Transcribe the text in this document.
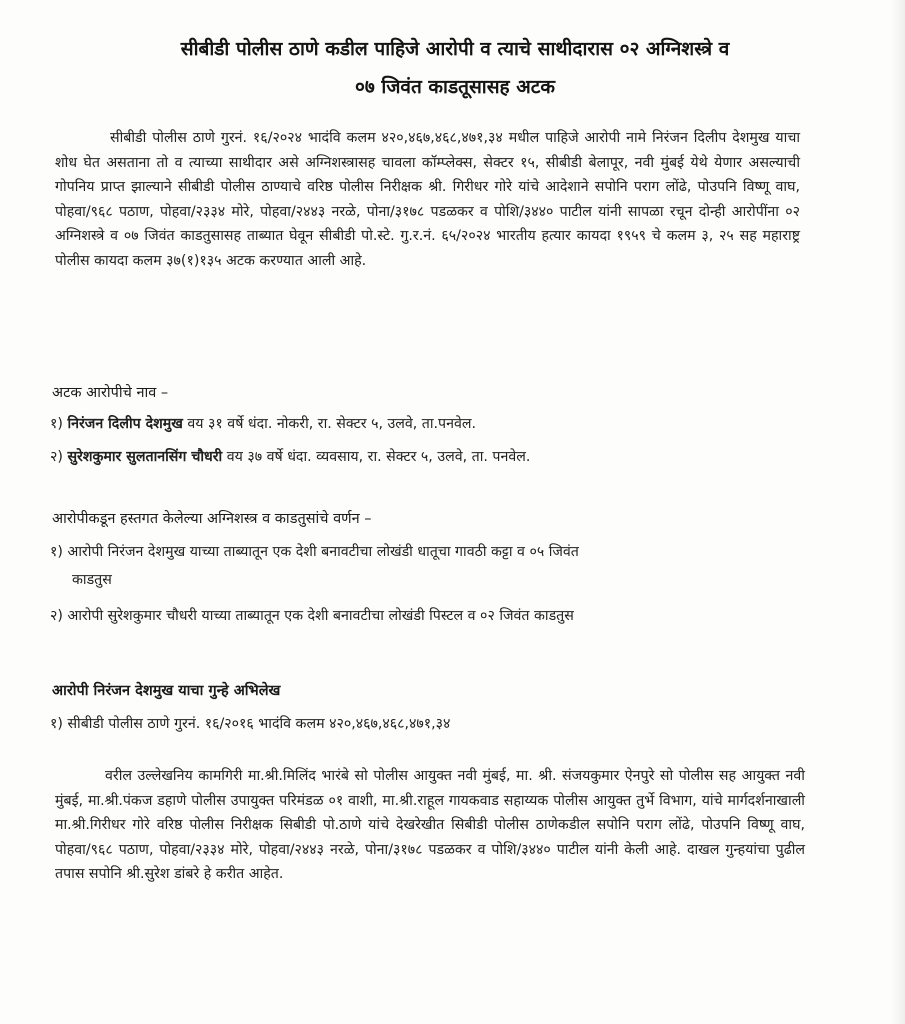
सीबीडी पोलीस ठाणे कडील पाहिजे आरोपी व त्याचे साथीदारास ०२ अग्निशस्त्रे व
०७ जिवंत काडतूसासह अटक
सीबीडी पोलीस ठाणे गुरनं. १६/२०२४ भादंवि कलम ४२०,४६७,४६८,४७१,३४ मधील पाहिजे आरोपी नामे निरंजन दिलीप देशमुख याचा शोध घेत असताना तो व त्याच्या साथीदार असे अग्निशस्त्रासह चावला कॉम्प्लेक्स, सेक्टर १५, सीबीडी बेलापूर, नवी मुंबई येथे येणार असल्याची गोपनिय प्राप्त झाल्याने सीबीडी पोलीस ठाण्याचे वरिष्ठ पोलीस निरीक्षक श्री. गिरीधर गोरे यांचे आदेशाने सपोनि पराग लोंढे, पोउपनि विष्णू वाघ, पोहवा/९६८ पठाण, पोहवा/२३३४ मोरे, पोहवा/२४४३ नरळे, पोना/३१७८ पडळकर व पोशि/३४४० पाटील यांनी सापळा रचून दोन्ही आरोपींना ०२ अग्निशस्त्रे व ०७ जिवंत काडतुसासह ताब्यात घेवून सीबीडी पो.स्टे. गु.र.नं. ६५/२०२४ भारतीय हत्यार कायदा १९५९ चे कलम ३, २५ सह महाराष्ट्र पोलीस कायदा कलम ३७(१)१३५ अटक करण्यात आली आहे.
अटक आरोपीचे नाव –
१) निरंजन दिलीप देशमुख वय ३१ वर्षे धंदा. नोकरी, रा. सेक्टर ५, उलवे, ता.पनवेल.
२) सुरेशकुमार सुलतानसिंग चौधरी वय ३७ वर्षे धंदा. व्यवसाय, रा. सेक्टर ५, उलवे, ता. पनवेल.
आरोपीकडून हस्तगत केलेल्या अग्निशस्त्र व काडतुसांचे वर्णन –
१) आरोपी निरंजन देशमुख याच्या ताब्यातून एक देशी बनावटीचा लोखंडी धातूचा गावठी कट्टा व ०५ जिवंत
काडतुस
२) आरोपी सुरेशकुमार चौधरी याच्या ताब्यातून एक देशी बनावटीचा लोखंडी पिस्टल व ०२ जिवंत काडतुस
आरोपी निरंजन देशमुख याचा गुन्हे अभिलेख
१) सीबीडी पोलीस ठाणे गुरनं. १६/२०१६ भादंवि कलम ४२०,४६७,४६८,४७१,३४
वरील उल्लेखनिय कामगिरी मा.श्री.मिलिंद भारंबे सो पोलीस आयुक्त नवी मुंबई, मा. श्री. संजयकुमार ऐनपुरे सो पोलीस सह आयुक्त नवी मुंबई, मा.श्री.पंकज डहाणे पोलीस उपायुक्त परिमंडळ ०१ वाशी, मा.श्री.राहूल गायकवाड सहाय्यक पोलीस आयुक्त तुर्भे विभाग, यांचे मार्गदर्शनाखाली मा.श्री.गिरीधर गोरे वरिष्ठ पोलीस निरीक्षक सिबीडी पो.ठाणे यांचे देखरेखीत सिबीडी पोलीस ठाणेकडील सपोनि पराग लोंढे, पोउपनि विष्णू वाघ, पोहवा/९६८ पठाण, पोहवा/२३३४ मोरे, पोहवा/२४४३ नरळे, पोना/३१७८ पडळकर व पोशि/३४४० पाटील यांनी केली आहे. दाखल गुन्हयांचा पुढील तपास सपोनि श्री.सुरेश डांबरे हे करीत आहेत.
